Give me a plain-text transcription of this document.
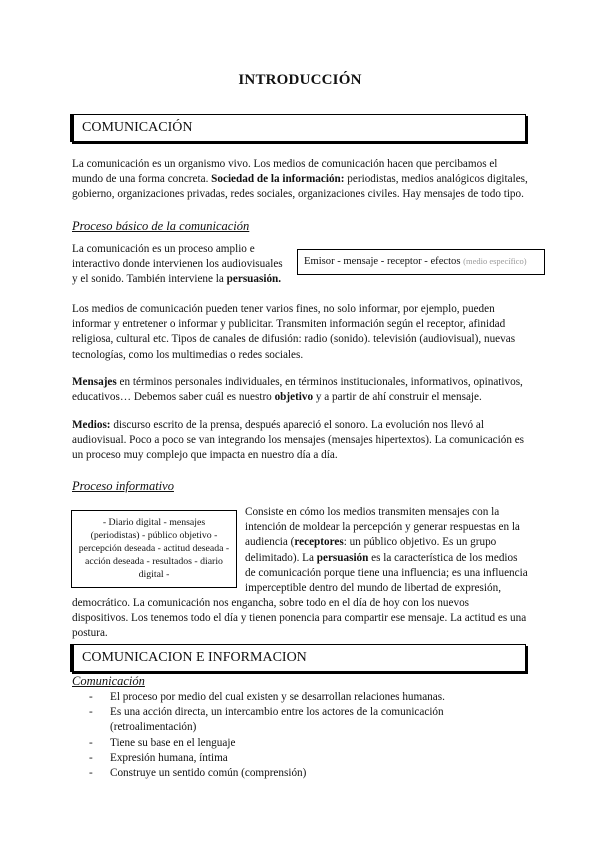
INTRODUCCIÓN
COMUNICACIÓN
La comunicación es un organismo vivo. Los medios de comunicación hacen que percibamos el mundo de una forma concreta. Sociedad de la información: periodistas, medios analógicos digitales, gobierno, organizaciones privadas, redes sociales, organizaciones civiles. Hay mensajes de todo tipo.
Proceso básico de la comunicación
La comunicación es un proceso amplio e interactivo donde intervienen los audiovisuales y el sonido. También interviene la persuasión.
Emisor - mensaje - receptor - efectos (medio específico)
Los medios de comunicación pueden tener varios fines, no solo informar, por ejemplo, pueden informar y entretener o informar y publicitar. Transmiten información según el receptor, afinidad religiosa, cultural etc. Tipos de canales de difusión: radio (sonido). televisión (audiovisual), nuevas tecnologías, como los multimedias o redes sociales.
Mensajes en términos personales individuales, en términos institucionales, informativos, opinativos, educativos… Debemos saber cuál es nuestro objetivo y a partir de ahí construir el mensaje.
Medios: discurso escrito de la prensa, después apareció el sonoro. La evolución nos llevó al audiovisual. Poco a poco se van integrando los mensajes (mensajes hipertextos). La comunicación es un proceso muy complejo que impacta en nuestro día a día.
Proceso informativo
- Diario digital - mensajes (periodistas) - público objetivo - percepción deseada - actitud deseada - acción deseada - resultados - diario digital -
Consiste en cómo los medios transmiten mensajes con la intención de moldear la percepción y generar respuestas en la audiencia (receptores: un público objetivo. Es un grupo delimitado). La persuasión es la característica de los medios de comunicación porque tiene una influencia; es una influencia imperceptible dentro del mundo de libertad de expresión,
democrático. La comunicación nos engancha, sobre todo en el día de hoy con los nuevos dispositivos. Los tenemos todo el día y tienen ponencia para compartir ese mensaje. La actitud es una postura.
COMUNICACION E INFORMACION
Comunicación
- El proceso por medio del cual existen y se desarrollan relaciones humanas.
- Es una acción directa, un intercambio entre los actores de la comunicación (retroalimentación)
- Tiene su base en el lenguaje
- Expresión humana, íntima
- Construye un sentido común (comprensión)
